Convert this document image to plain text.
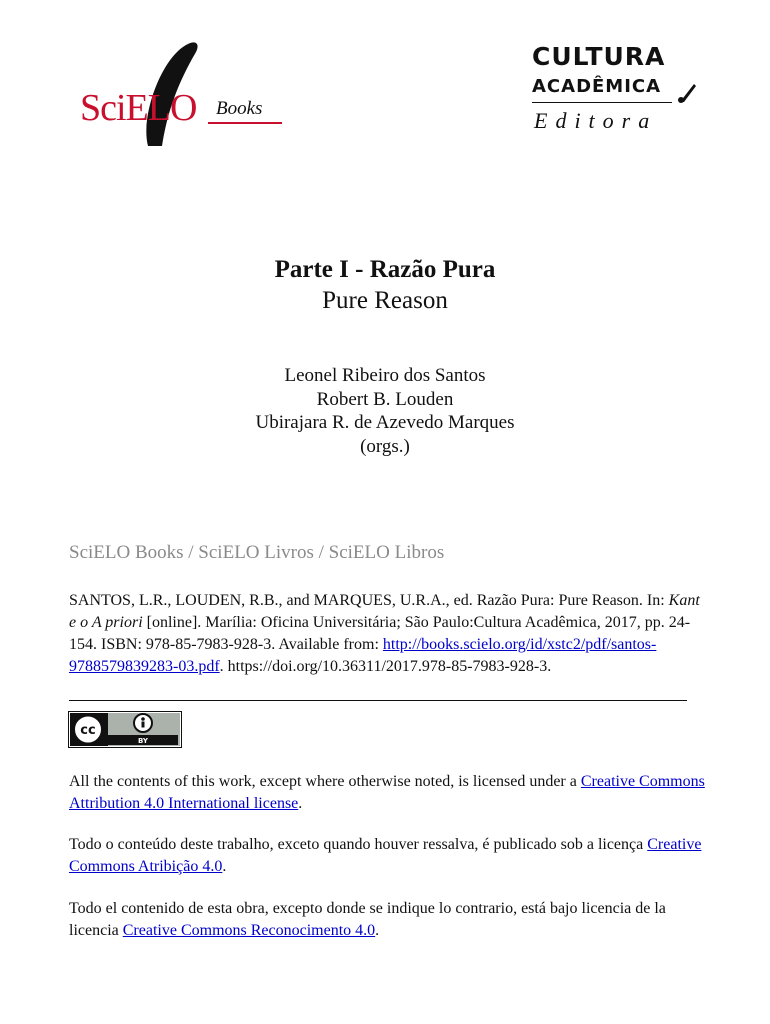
SciELO Books
CULTURA
ACADÊMICA
Editora

Parte I - Razão Pura

Pure Reason

Leonel Ribeiro dos Santos
Robert B. Louden
Ubirajara R. de Azevedo Marques
(orgs.)
SciELO Books / SciELO Livros / SciELO Libros
SANTOS, L.R., LOUDEN, R.B., and MARQUES, U.R.A., ed. Razão Pura: Pure Reason. In: Kant e o A priori [online]. Marília: Oficina Universitária; São Paulo:Cultura Acadêmica, 2017, pp. 24-154. ISBN: 978-85-7983-928-3. Available from: http://books.scielo.org/id/xstc2/pdf/santos-9788579839283-03.pdf. https://doi.org/10.36311/2017.978-85-7983-928-3.
cc
BY
All the contents of this work, except where otherwise noted, is licensed under a Creative Commons Attribution 4.0 International license.
Todo o conteúdo deste trabalho, exceto quando houver ressalva, é publicado sob a licença Creative Commons Atribição 4.0.
Todo el contenido de esta obra, excepto donde se indique lo contrario, está bajo licencia de la licencia Creative Commons Reconocimento 4.0.
